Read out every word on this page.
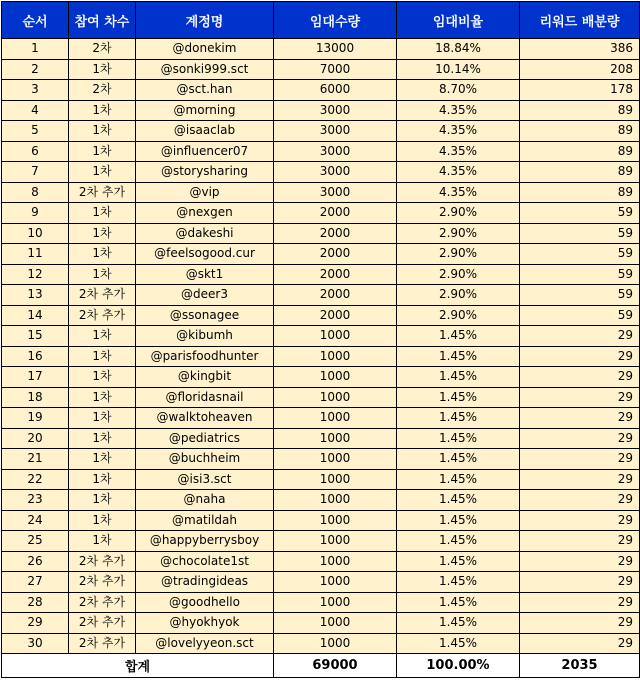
순서	참여 차수	계정명	임대수량	임대비율	리워드 배분량
1	2차	@donekim	13000	18.84%	386
2	1차	@sonki999.sct	7000	10.14%	208
3	2차	@sct.han	6000	8.70%	178
4	1차	@morning	3000	4.35%	89
5	1차	@isaaclab	3000	4.35%	89
6	1차	@influencer07	3000	4.35%	89
7	1차	@storysharing	3000	4.35%	89
8	2차 추가	@vip	3000	4.35%	89
9	1차	@nexgen	2000	2.90%	59
10	1차	@dakeshi	2000	2.90%	59
11	1차	@feelsogood.cur	2000	2.90%	59
12	1차	@skt1	2000	2.90%	59
13	2차 추가	@deer3	2000	2.90%	59
14	2차 추가	@ssonagee	2000	2.90%	59
15	1차	@kibumh	1000	1.45%	29
16	1차	@parisfoodhunter	1000	1.45%	29
17	1차	@kingbit	1000	1.45%	29
18	1차	@floridasnail	1000	1.45%	29
19	1차	@walktoheaven	1000	1.45%	29
20	1차	@pediatrics	1000	1.45%	29
21	1차	@buchheim	1000	1.45%	29
22	1차	@isi3.sct	1000	1.45%	29
23	1차	@naha	1000	1.45%	29
24	1차	@matildah	1000	1.45%	29
25	1차	@happyberrysboy	1000	1.45%	29
26	2차 추가	@chocolate1st	1000	1.45%	29
27	2차 추가	@tradingideas	1000	1.45%	29
28	2차 추가	@goodhello	1000	1.45%	29
29	2차 추가	@hyokhyok	1000	1.45%	29
30	2차 추가	@lovelyyeon.sct	1000	1.45%	29
합계			69000	100.00%	2035
